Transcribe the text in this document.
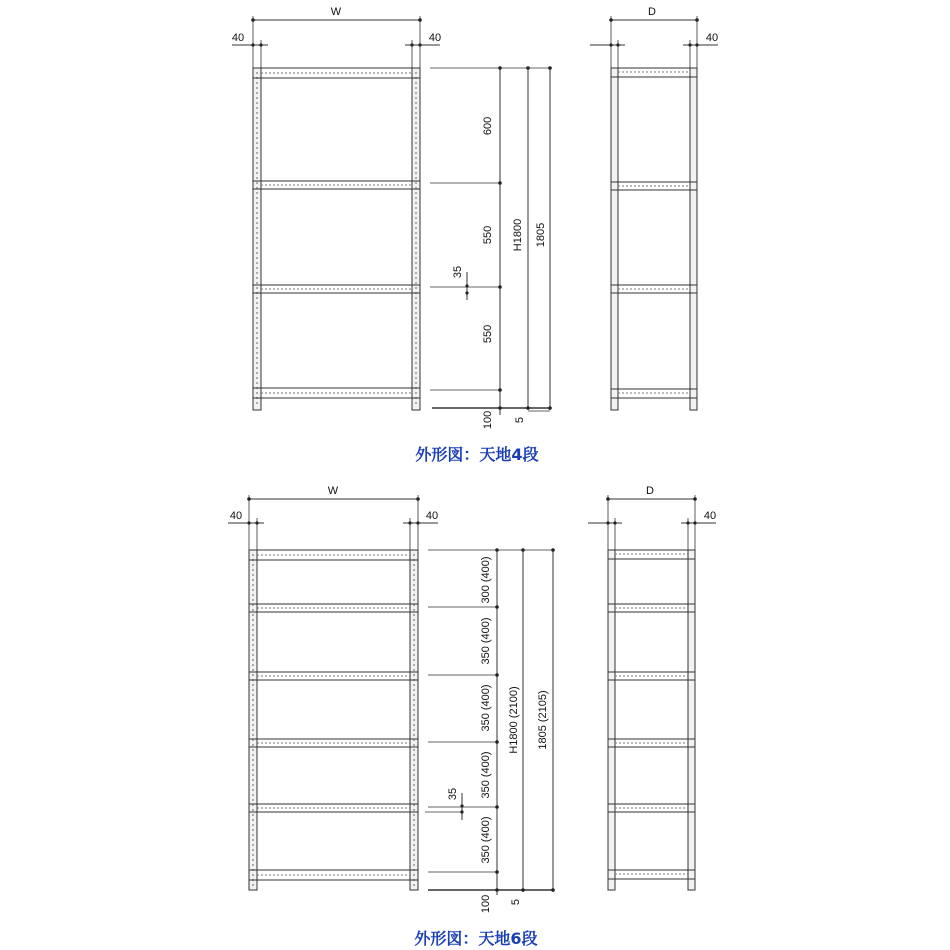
W
40	40
600
550
550
100
35
H1800 1805
5
D
40
外形図：天地4段
W
40	40
300 (400)
350 (400)
350 (400)
350 (400)
350 (400)
100
35
H1800 (2100) 1805 (2105)
5
D
40
外形図：天地6段
